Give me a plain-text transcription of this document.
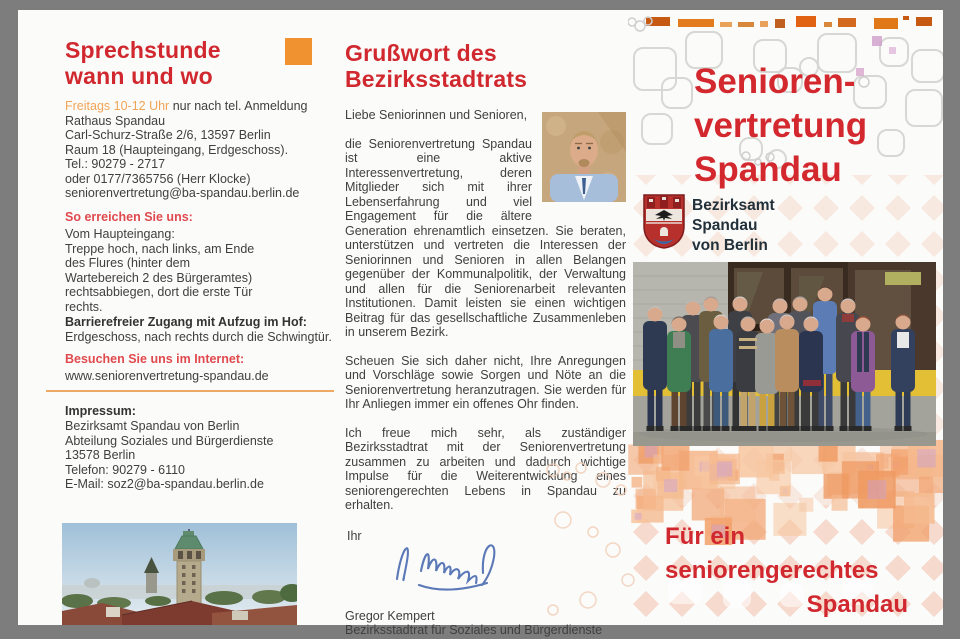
Sprechstunde
wann und wo
Freitags 10-12 Uhr nur nach tel. Anmeldung
Rathaus Spandau
Carl-Schurz-Straße 2/6, 13597 Berlin
Raum 18 (Haupteingang, Erdgeschoss).
Tel.: 90279 - 2717
oder 0177/7365756 (Herr Klocke)
seniorenvertretung@ba-spandau.berlin.de
So erreichen Sie uns:
Vom Haupteingang:
Treppe hoch, nach links, am Ende
des Flures (hinter dem
Wartebereich 2 des Bürgeramtes)
rechtsabbiegen, dort die erste Tür
rechts.
Barrierefreier Zugang mit Aufzug im Hof:
Erdgeschoss, nach rechts durch die Schwingtür.
Besuchen Sie uns im Internet:
www.seniorenvertretung-spandau.de
Impressum:
Bezirksamt Spandau von Berlin
Abteilung Soziales und Bürgerdienste
13578 Berlin
Telefon: 90279 - 6110
E-Mail: soz2@ba-spandau.berlin.de
Grußwort des
Bezirksstadtrats

Liebe Seniorinnen und Senioren,

die Seniorenvertretung Spandau ist eine aktive Interessenvertretung, deren Mitglieder sich mit ihrer Lebenserfahrung und viel Engagement für die ältere Generation ehrenamtlich einsetzen. Sie beraten, unterstützen und vertreten die Interessen der Seniorinnen und Senioren in allen Belangen gegenüber der Kommunalpolitik, der Verwaltung und allen für die Seniorenarbeit relevanten Institutionen. Damit leisten sie einen wichtigen Beitrag für das gesellschaftliche Zusammenleben in unserem Bezirk.

Scheuen Sie sich daher nicht, Ihre Anregungen und Vorschläge sowie Sorgen und Nöte an die Seniorenvertretung heranzutragen. Sie werden für Ihr Anliegen immer ein offenes Ohr finden.

Ich freue mich sehr, als zuständiger Bezirksstadtrat mit der Seniorenvertretung zusammen zu arbeiten und dadurch wichtige Impulse für die Weiterentwicklung eines seniorengerechten Lebens in Spandau zu erhalten.

Ihr

Gregor Kempert

Bezirksstadtrat für Soziales und Bürgerdienste

Senioren-
vertretung
Spandau
Bezirksamt
Spandau
von Berlin
Für ein
seniorengerechtes
Spandau
